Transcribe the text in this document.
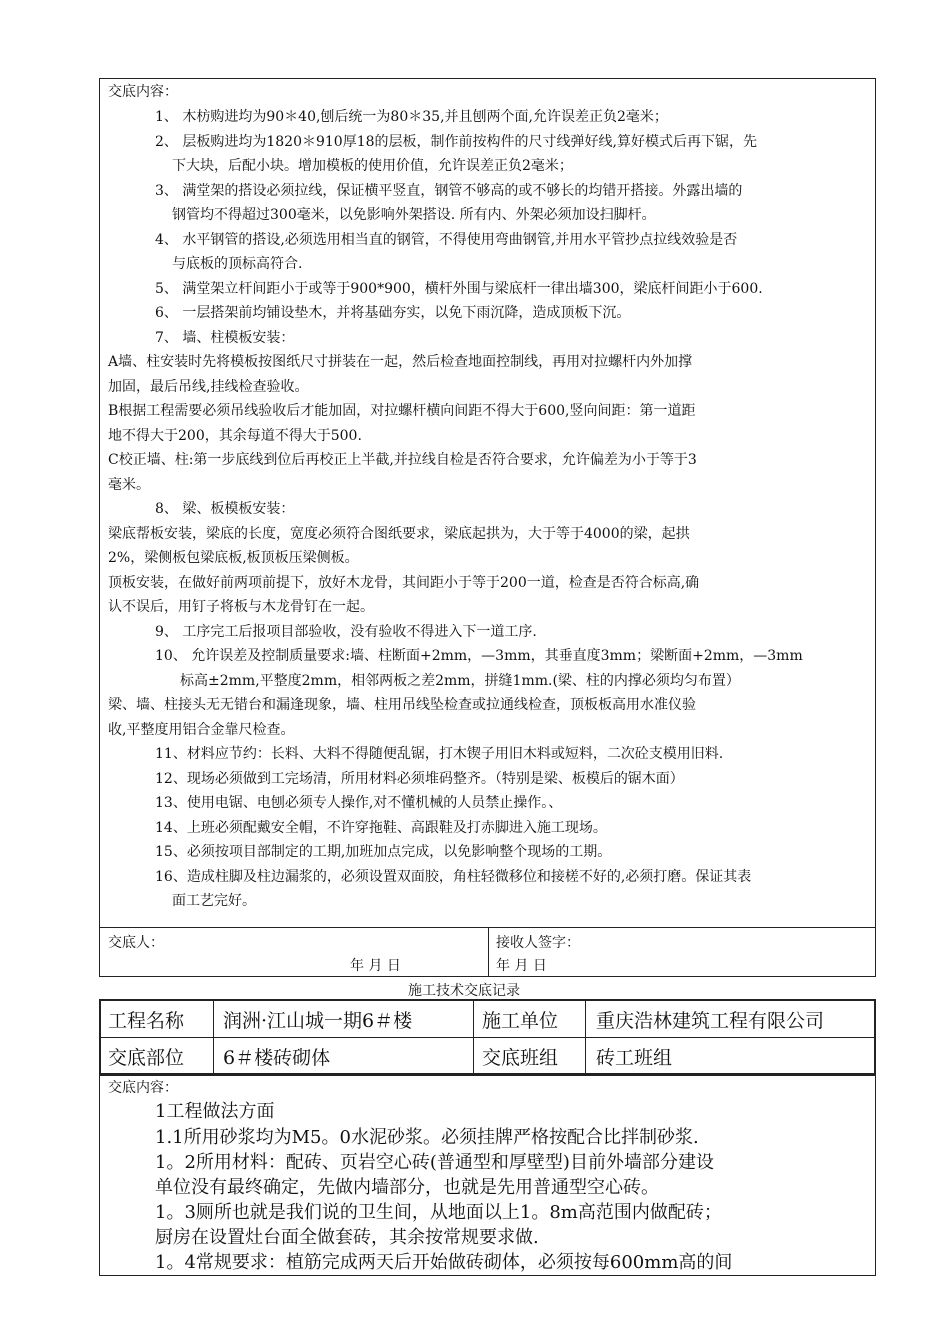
交底内容：
1、 木枋购进均为90＊40,刨后统一为80＊35,并且刨两个面,允许误差正负2毫米；
2、 层板购进均为1820＊910厚18的层板，制作前按构件的尺寸线弹好线,算好模式后再下锯，先
下大块，后配小块。增加模板的使用价值，允许误差正负2毫米；
3、 满堂架的搭设必须拉线，保证横平竖直，钢管不够高的或不够长的均错开搭接。外露出墙的
钢管均不得超过300毫米，以免影响外架搭设. 所有内、外架必须加设扫脚杆。
4、 水平钢管的搭设,必须选用相当直的钢管，不得使用弯曲钢管,并用水平管抄点拉线效验是否
与底板的顶标高符合.
5、 满堂架立杆间距小于或等于900*900，横杆外围与梁底杆一律出墙300，梁底杆间距小于600.
6、 一层搭架前均铺设垫木，并将基础夯实，以免下雨沉降，造成顶板下沉。
7、 墙、柱模板安装：
A墙、柱安装时先将模板按图纸尺寸拼装在一起，然后检查地面控制线，再用对拉螺杆内外加撑
加固，最后吊线,挂线检查验收。
B根据工程需要必须吊线验收后才能加固，对拉螺杆横向间距不得大于600,竖向间距：第一道距
地不得大于200，其余每道不得大于500.
C校正墙、柱:第一步底线到位后再校正上半截,并拉线自检是否符合要求，允许偏差为小于等于3
毫米。
8、 梁、板模板安装：
梁底帮板安装，梁底的长度，宽度必须符合图纸要求，梁底起拱为，大于等于4000的梁，起拱
2%，梁侧板包梁底板,板顶板压梁侧板。
顶板安装，在做好前两项前提下，放好木龙骨，其间距小于等于200一道，检查是否符合标高,确
认不误后，用钉子将板与木龙骨钉在一起。
9、 工序完工后报项目部验收，没有验收不得进入下一道工序.
10、 允许误差及控制质量要求:墙、柱断面+2mm，—3mm，其垂直度3mm；梁断面+2mm，—3mm
标高±2mm,平整度2mm，相邻两板之差2mm，拼缝1mm.(梁、柱的内撑必须均匀布置）
梁、墙、柱接头无无错台和漏逢现象，墙、柱用吊线坠检查或拉通线检查，顶板板高用水准仪验
收,平整度用铝合金靠尺检查。
11、材料应节约：长料、大料不得随便乱锯，打木锲子用旧木料或短料，二次砼支模用旧料.
12、现场必须做到工完场清，所用材料必须堆码整齐。（特别是梁、板模后的锯木面）
13、使用电锯、电刨必须专人操作,对不懂机械的人员禁止操作。、
14、上班必须配戴安全帽，不许穿拖鞋、高跟鞋及打赤脚进入施工现场。
15、必须按项目部制定的工期,加班加点完成，以免影响整个现场的工期。
16、造成柱脚及柱边漏浆的，必须设置双面胶，角柱轻微移位和接槎不好的,必须打磨。保证其表
面工艺完好。
交底人：
年 月 日
接收人签字：
年 月 日
施工技术交底记录
工程名称 润洲·江山城一期6＃楼	施工单位 重庆浩林建筑工程有限公司
交底部位 6＃楼砖砌体	交底班组 砖工班组
交底内容：
1工程做法方面
1.1所用砂浆均为M5。0水泥砂浆。必须挂牌严格按配合比拌制砂浆.
1。2所用材料：配砖、页岩空心砖(普通型和厚壁型)目前外墙部分建设
单位没有最终确定，先做内墙部分，也就是先用普通型空心砖。
1。3厕所也就是我们说的卫生间，从地面以上1。8m高范围内做配砖；
厨房在设置灶台面全做套砖，其余按常规要求做.
1。4常规要求：植筋完成两天后开始做砖砌体，必须按每600mm高的间
